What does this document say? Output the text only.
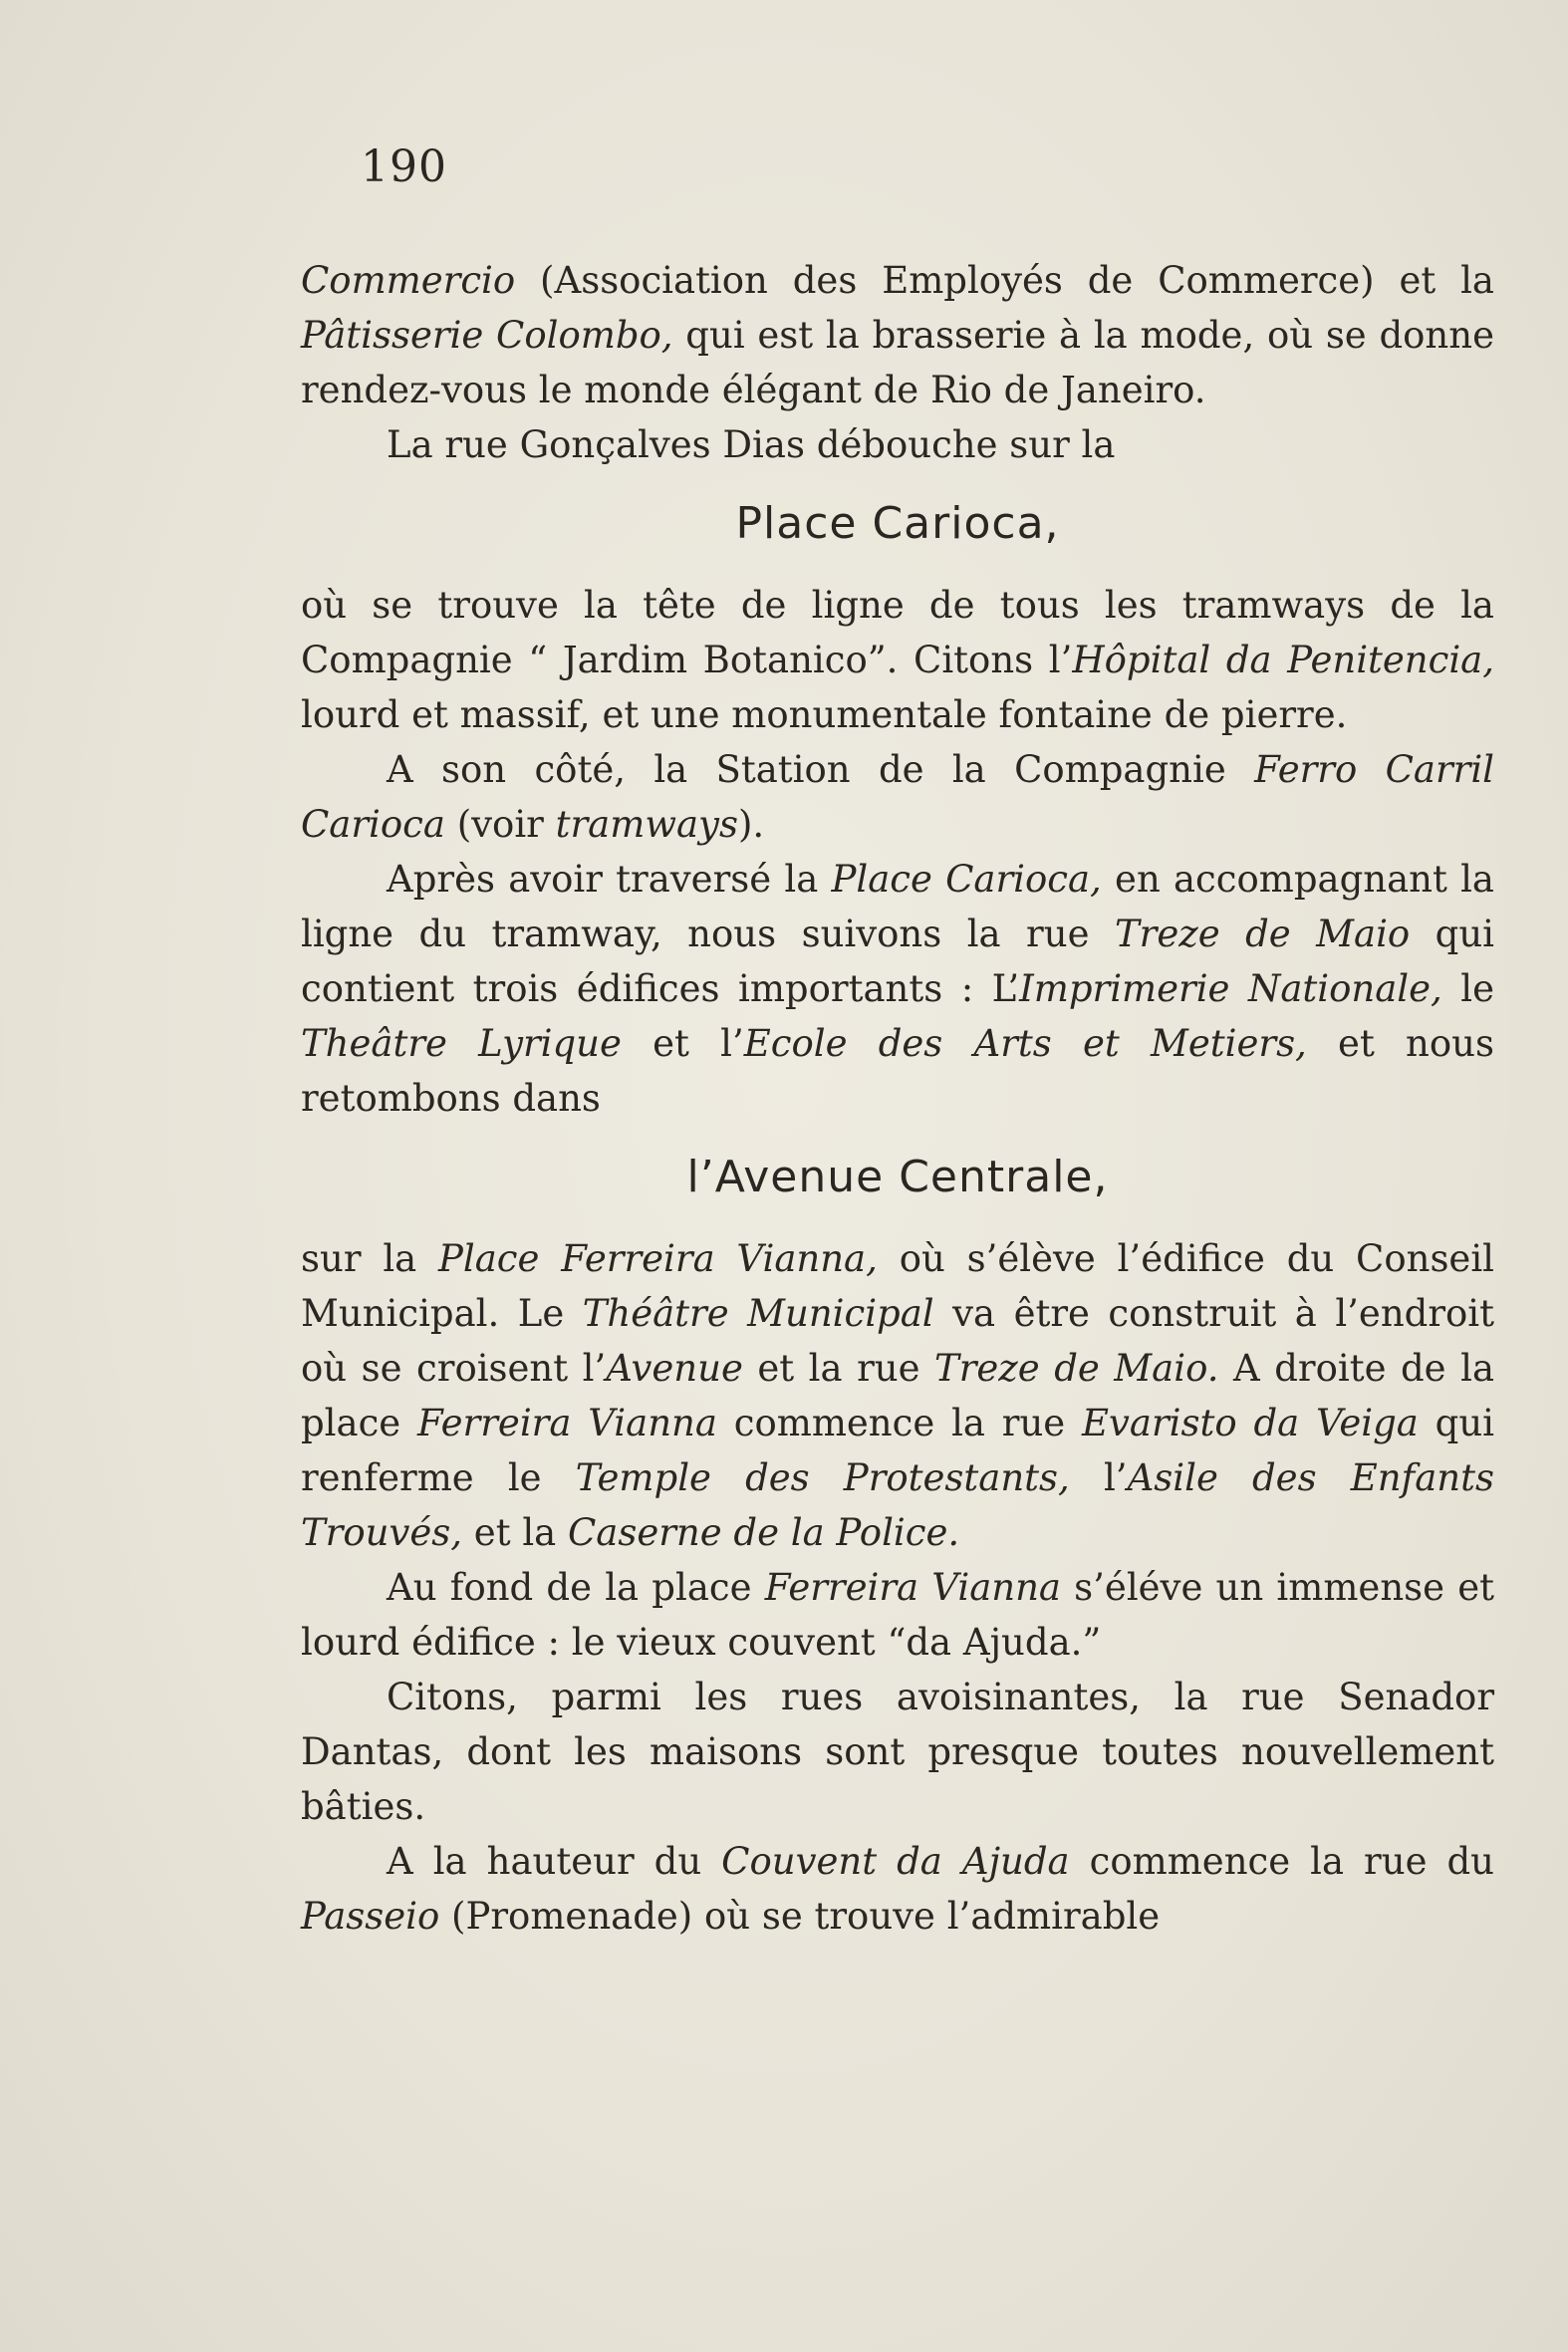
190

Commercio (Association des Employés de Commerce) et la Pâtisserie Colombo, qui est la brasserie à la mode, où se donne rendez-vous le monde élégant de Rio de Janeiro.

La rue Gonçalves Dias débouche sur la

Place Carioca,

où se trouve la tête de ligne de tous les tramways de la Compagnie “ Jardim Botanico”. Citons l’Hôpital da Penitencia, lourd et massif, et une monumentale fontaine de pierre.

A son côté, la Station de la Compagnie Ferro Carril Carioca (voir tramways).

Après avoir traversé la Place Carioca, en accompagnant la ligne du tramway, nous suivons la rue Treze de Maio qui contient trois édifices importants : L’Imprimerie Nationale, le Theâtre Lyrique et l’Ecole des Arts et Metiers, et nous retombons dans

l’Avenue Centrale,

sur la Place Ferreira Vianna, où s’élève l’édifice du Conseil Municipal. Le Théâtre Municipal va être construit à l’endroit où se croisent l’Avenue et la rue Treze de Maio. A droite de la place Ferreira Vianna commence la rue Evaristo da Veiga qui renferme le Temple des Protestants, l’Asile des Enfants Trouvés, et la Caserne de la Police.

Au fond de la place Ferreira Vianna s’éléve un immense et lourd édifice : le vieux couvent “da Ajuda.”

Citons, parmi les rues avoisinantes, la rue Senador Dantas, dont les maisons sont presque toutes nouvellement bâties.

A la hauteur du Couvent da Ajuda commence la rue du Passeio (Promenade) où se trouve l’admirable
